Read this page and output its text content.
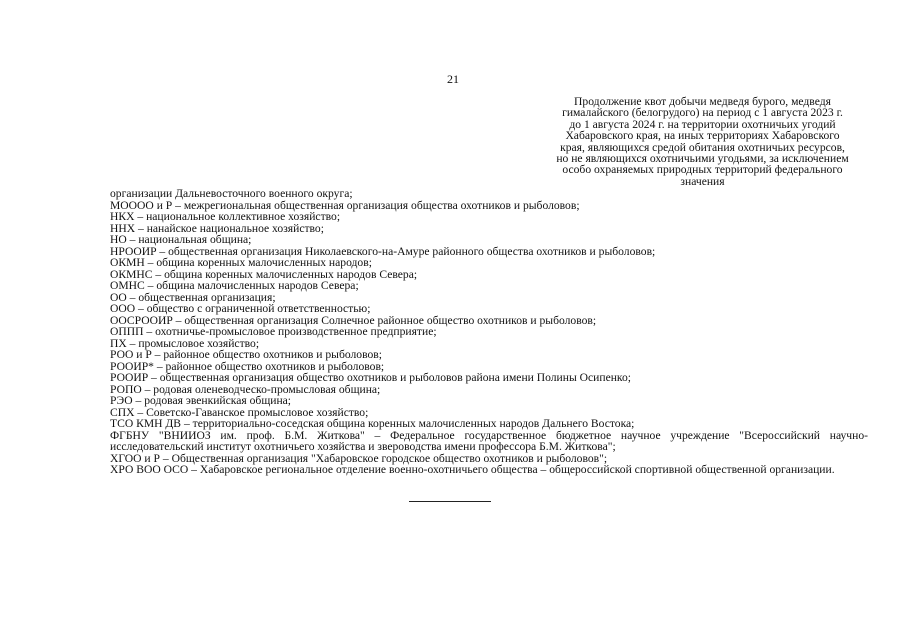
21
Продолжение квот добычи медведя бурого, медведя
гималайского (белогрудого) на период с 1 августа 2023 г.
до 1 августа 2024 г. на территории охотничьих угодий
Хабаровского края, на иных территориях Хабаровского
края, являющихся средой обитания охотничьих ресурсов,
но не являющихся охотничьими угодьями, за исключением
особо охраняемых природных территорий федерального
значения
организации Дальневосточного военного округа;
МОООО и Р – межрегиональная общественная организация общества охотников и рыболовов;
НКХ – национальное коллективное хозяйство;
ННХ – нанайское национальное хозяйство;
НО – национальная община;
НРООИР – общественная организация Николаевского-на-Амуре районного общества охотников и рыболовов;
ОКМН – община коренных малочисленных народов;
ОКМНС – община коренных малочисленных народов Севера;
ОМНС – община малочисленных народов Севера;
ОО – общественная организация;
ООО – общество с ограниченной ответственностью;
ООСРООИР – общественная организация Солнечное районное общество охотников и рыболовов;
ОППП – охотничье-промысловое производственное предприятие;
ПХ – промысловое хозяйство;
РОО и Р – районное общество охотников и рыболовов;
РООИР* – районное общество охотников и рыболовов;
РООИР – общественная организация общество охотников и рыболовов района имени Полины Осипенко;
РОПО – родовая оленеводческо-промысловая община;
РЭО – родовая эвенкийская община;
СПХ – Советско-Гаванское промысловое хозяйство;
ТСО КМН ДВ – территориально-соседская община коренных малочисленных народов Дальнего Востока;
ФГБНУ "ВНИИОЗ им. проф. Б.М. Житкова" – Федеральное государственное бюджетное научное учреждение "Всероссийский научно-исследовательский институт охотничьего хозяйства и звероводства имени профессора Б.М. Житкова";
ХГОО и Р – Общественная организация "Хабаровское городское общество охотников и рыболовов";
ХРО ВОО ОСО – Хабаровское региональное отделение военно-охотничьего общества – общероссийской спортивной общественной организации.
